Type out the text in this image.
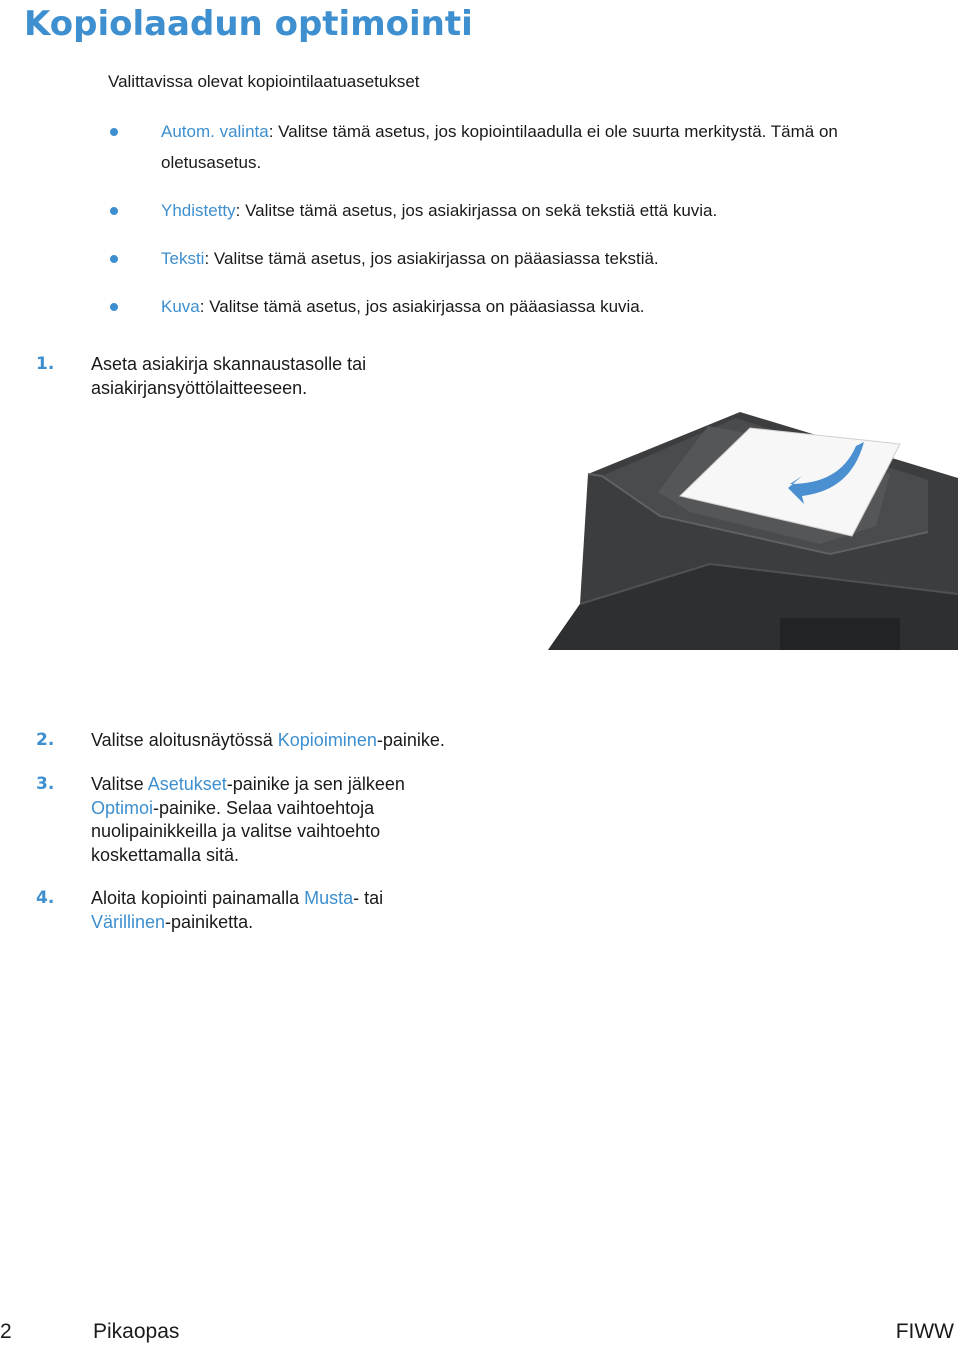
Kopiolaadun optimointi
Valittavissa olevat kopiointilaatuasetukset
Autom. valinta: Valitse tämä asetus, jos kopiointilaadulla ei ole suurta merkitystä. Tämä on oletusasetus.
Yhdistetty: Valitse tämä asetus, jos asiakirjassa on sekä tekstiä että kuvia.
Teksti: Valitse tämä asetus, jos asiakirjassa on pääasiassa tekstiä.
Kuva: Valitse tämä asetus, jos asiakirjassa on pääasiassa kuvia.
1. Aseta asiakirja skannaustasolle tai asiakirjansyöttölaitteeseen.
2. Valitse aloitusnäytössä Kopioiminen-painike.
3. Valitse Asetukset-painike ja sen jälkeen Optimoi-painike. Selaa vaihtoehtoja nuolipainikkeilla ja valitse vaihtoehto koskettamalla sitä.
4. Aloita kopiointi painamalla Musta- tai Värillinen-painiketta.
2	Pikaopas	FIWW
